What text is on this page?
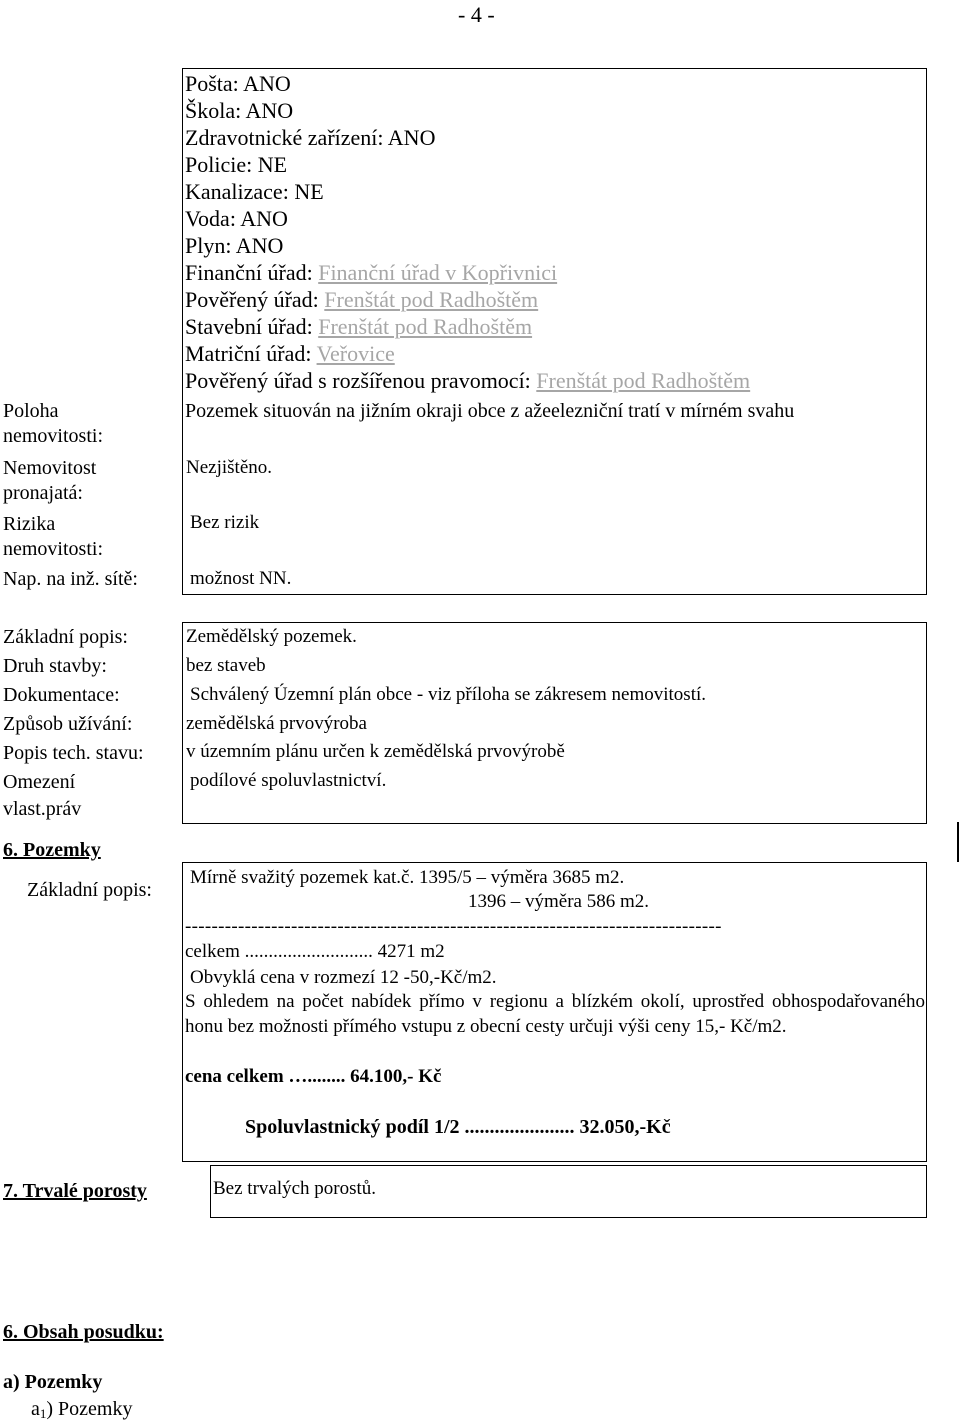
- 4 -
Pošta: ANO
Škola: ANO
Zdravotnické zařízení: ANO
Policie: NE
Kanalizace: NE
Voda: ANO
Plyn: ANO
Finanční úřad: Finanční úřad v Kopřivnici
Pověřený úřad: Frenštát pod Radhoštěm
Stavební úřad: Frenštát pod Radhoštěm
Matriční úřad: Veřovice
Pověřený úřad s rozšířenou pravomocí: Frenštát pod Radhoštěm
Poloha
nemovitosti:
Nemovitost
pronajatá:
Rizika
nemovitosti:
Nap. na inž. sítě:
Pozemek situován na jižním okraji obce z ažeelezniční tratí v mírném svahu
Nezjištěno.
Bez rizik
možnost NN.
Základní popis:
Druh stavby:
Dokumentace:
Způsob užívání:
Popis tech. stavu:
Omezení
vlast.práv
Zemědělský pozemek.
bez staveb
Schválený Územní plán obce - viz příloha se zákresem nemovitostí.
zemědělská prvovýroba
v územním plánu určen k zemědělská prvovýrobě
podílové spoluvlastnictví.
6. Pozemky
Základní popis:
Mírně svažitý pozemek kat.č. 1395/5 – výměra 3685 m2.
1396 – výměra 586 m2.
---------------------------------------------------------------------------------
celkem ........................... 4271 m2
Obvyklá cena v rozmezí 12 -50,-Kč/m2.
S ohledem na počet nabídek přímo v regionu a blízkém okolí, uprostřed obhospodařovaného honu bez možnosti přímého vstupu z obecní cesty určuji výši ceny 15,- Kč/m2.
cena celkem …........ 64.100,- Kč
Spoluvlastnický podíl 1/2 ...................... 32.050,-Kč
7. Trvalé porosty	Bez trvalých porostů.
6. Obsah posudku:
a) Pozemky
$a_1$) Pozemky
